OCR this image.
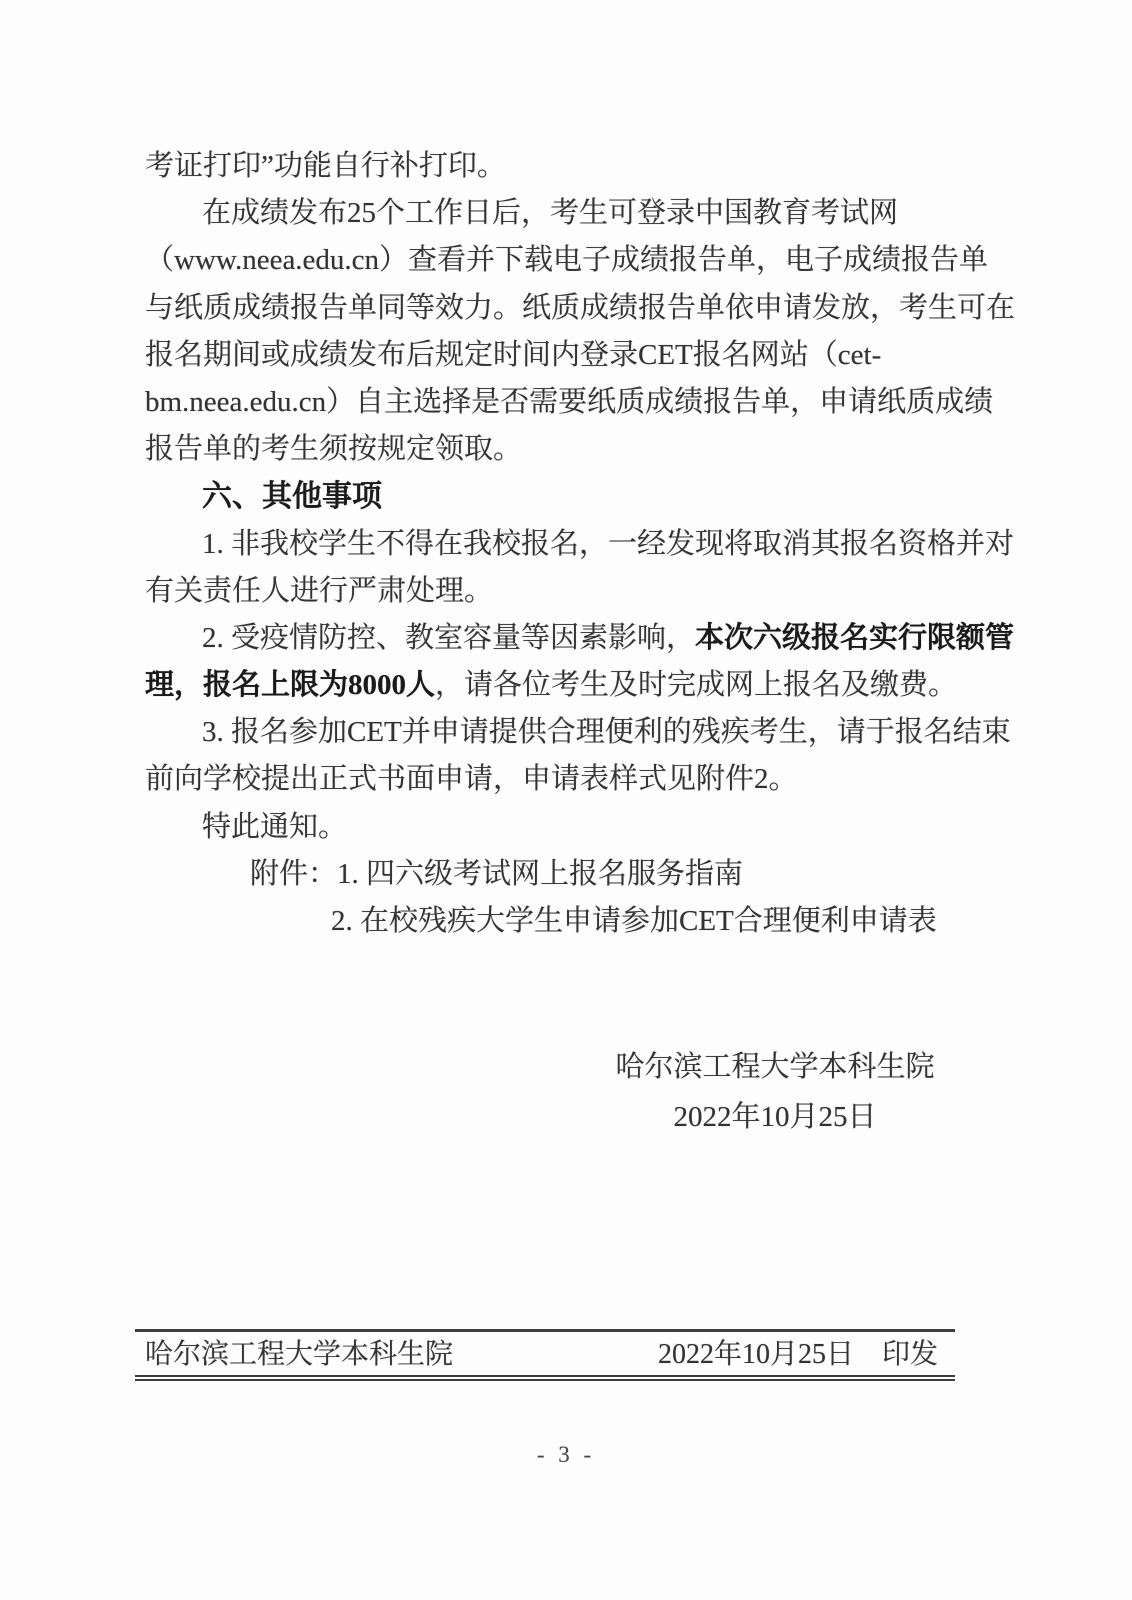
考证打印”功能自行补打印。
在成绩发布25个工作日后，考生可登录中国教育考试网
（www.neea.edu.cn）查看并下载电子成绩报告单，电子成绩报告单
与纸质成绩报告单同等效力。纸质成绩报告单依申请发放，考生可在
报名期间或成绩发布后规定时间内登录CET报名网站（cet-
bm.neea.edu.cn）自主选择是否需要纸质成绩报告单，申请纸质成绩
报告单的考生须按规定领取。
六、其他事项
1. 非我校学生不得在我校报名，一经发现将取消其报名资格并对
有关责任人进行严肃处理。
2. 受疫情防控、教室容量等因素影响，本次六级报名实行限额管
理，报名上限为8000人，请各位考生及时完成网上报名及缴费。
3. 报名参加CET并申请提供合理便利的残疾考生，请于报名结束
前向学校提出正式书面申请，申请表样式见附件2。
特此通知。
附件：1. 四六级考试网上报名服务指南
2. 在校残疾大学生申请参加CET合理便利申请表
哈尔滨工程大学本科生院
2022年10月25日
哈尔滨工程大学本科生院	2022年10月25日　印发
- 3 -
